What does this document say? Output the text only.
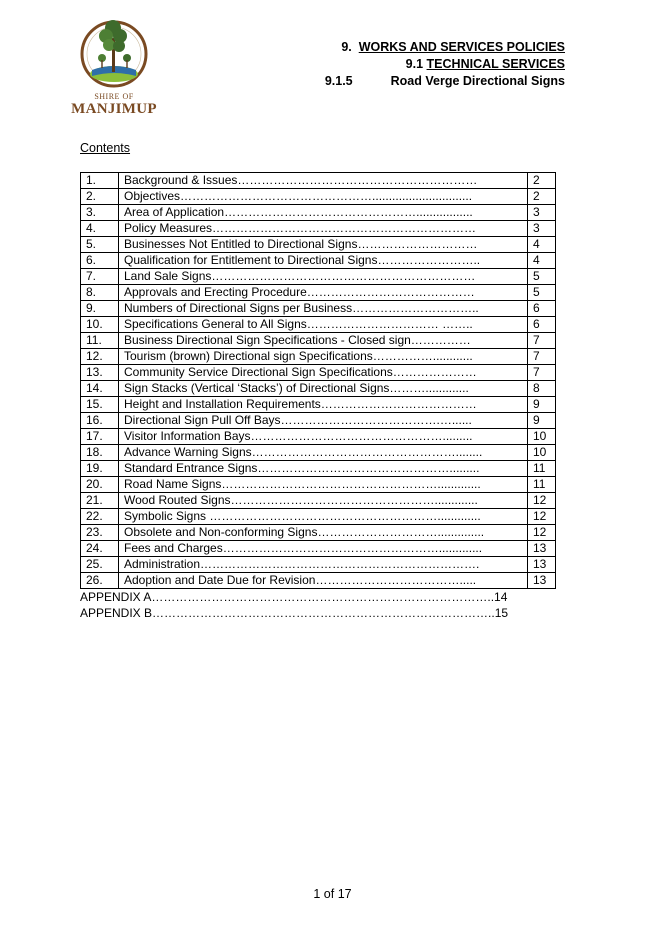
SHIRE OF
MANJIMUP
9. WORKS AND SERVICES POLICIES
9.1 TECHNICAL SERVICES
9.1.5	Road Verge Directional Signs
Contents
1.	Background & Issues……………………………………………………	2
2.	Objectives…………………………………………..............................	2
3.	Area of Application………………………………………….................	3
4.	Policy Measures…………………………………………………………	3
5.	Businesses Not Entitled to Directional Signs…………………………	4
6.	Qualification for Entitlement to Directional Signs……………………..	4
7.	Land Sale Signs…………………………………………………………	5
8.	Approvals and Erecting Procedure……………………………………	5
9.	Numbers of Directional Signs per Business…………………………..	6
10.	Specifications General to All Signs…………………………… ……..	6
11.	Business Directional Sign Specifications - Closed sign……………	7
12.	Tourism (brown) Directional sign Specifications……………............	7
13.	Community Service Directional Sign Specifications…………………	7
14.	Sign Stacks (Vertical ‘Stacks’) of Directional Signs……….............	8
15.	Height and Installation Requirements…………………………………	9
16.	Directional Sign Pull Off Bays………………………………….…......	9
17.	Visitor Information Bays………………………………………….........	10
18.	Advance Warning Signs……………………………………………........	10
19.	Standard Entrance Signs………………………………………….........	11
20.	Road Name Signs……………………………………………….............	11
21.	Wood Routed Signs…………………………………………….............	12
22.	Symbolic Signs ………………………………………………….............	12
23.	Obsolete and Non-conforming Signs…………………………..............	12
24.	Fees and Charges……………………………………………….............	13
25.	Administration…………………………………………………………….	13
26.	Adoption and Date Due for Revision……………………………….....	13
APPENDIX A…………………………………………………………………………..14
APPENDIX B…………………………………………………………………………..15
1 of 17
